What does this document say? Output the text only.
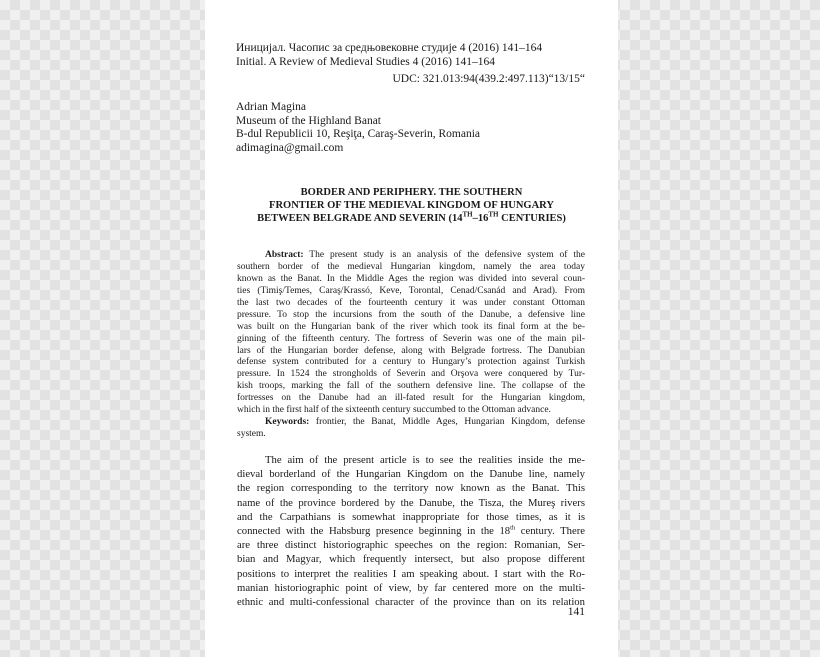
Иницијал. Часопис за средњовековне студије 4 (2016) 141–164
Initial. A Review of Medieval Studies 4 (2016) 141–164
UDC: 321.013:94(439.2:497.113)“13/15“
Adrian Magina
Museum of the Highland Banat
B-dul Republicii 10, Reşiţa, Caraş-Severin, Romania
adimagina@gmail.com
BORDER AND PERIPHERY. THE SOUTHERN
FRONTIER OF THE MEDIEVAL KINGDOM OF HUNGARY
BETWEEN BELGRADE AND SEVERIN (14TH–16TH CENTURIES)
Abstract: The present study is an analysis of the defensive system of the
southern border of the medieval Hungarian kingdom, namely the area today
known as the Banat. In the Middle Ages the region was divided into several coun-
ties (Timiş/Temes, Caraş/Krassó, Keve, Torontal, Cenad/Csanád and Arad). From
the last two decades of the fourteenth century it was under constant Ottoman
pressure. To stop the incursions from the south of the Danube, a defensive line
was built on the Hungarian bank of the river which took its final form at the be-
ginning of the fifteenth century. The fortress of Severin was one of the main pil-
lars of the Hungarian border defense, along with Belgrade fortress. The Danubian
defense system contributed for a century to Hungary’s protection against Turkish
pressure. In 1524 the strongholds of Severin and Orşova were conquered by Tur-
kish troops, marking the fall of the southern defensive line. The collapse of the
fortresses on the Danube had an ill-fated result for the Hungarian kingdom,
which in the first half of the sixteenth century succumbed to the Ottoman advance.
Keywords: frontier, the Banat, Middle Ages, Hungarian Kingdom, defense
system.
The aim of the present article is to see the realities inside the me-
dieval borderland of the Hungarian Kingdom on the Danube line, namely
the region corresponding to the territory now known as the Banat. This
name of the province bordered by the Danube, the Tisza, the Mureş rivers
and the Carpathians is somewhat inappropriate for those times, as it is
connected with the Habsburg presence beginning in the 18th century. There
are three distinct historiographic speeches on the region: Romanian, Ser-
bian and Magyar, which frequently intersect, but also propose different
positions to interpret the realities I am speaking about. I start with the Ro-
manian historiographic point of view, by far centered more on the multi-
ethnic and multi-confessional character of the province than on its relation
141
